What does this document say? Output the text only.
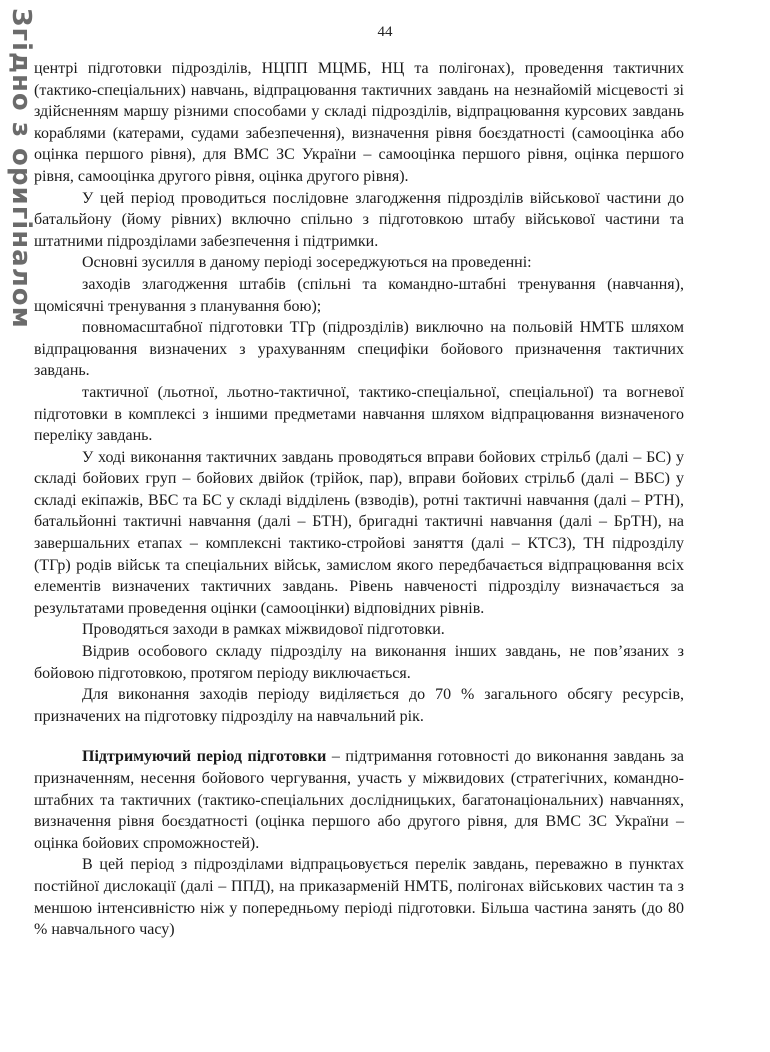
44
Згідно з оригіналом

центрі підготовки підрозділів, НЦПП МЦМБ, НЦ та полігонах), проведення тактичних (тактико-спеціальних) навчань, відпрацювання тактичних завдань на незнайомій місцевості зі здійсненням маршу різними способами у складі підрозділів, відпрацювання курсових завдань кораблями (катерами, судами забезпечення), визначення рівня боєздатності (самооцінка або оцінка першого рівня), для ВМС ЗС України – самооцінка першого рівня, оцінка першого рівня, самооцінка другого рівня, оцінка другого рівня).

У цей період проводиться послідовне злагодження підрозділів військової частини до батальйону (йому рівних) включно спільно з підготовкою штабу військової частини та штатними підрозділами забезпечення і підтримки.

Основні зусилля в даному періоді зосереджуються на проведенні:

заходів злагодження штабів (спільні та командно-штабні тренування (навчання), щомісячні тренування з планування бою);

повномасштабної підготовки ТГр (підрозділів) виключно на польовій НМТБ шляхом відпрацювання визначених з урахуванням специфіки бойового призначення тактичних завдань.

тактичної (льотної, льотно-тактичної, тактико-спеціальної, спеціальної) та вогневої підготовки в комплексі з іншими предметами навчання шляхом відпрацювання визначеного переліку завдань.

У ході виконання тактичних завдань проводяться вправи бойових стрільб (далі – БС) у складі бойових груп – бойових двійок (трійок, пар), вправи бойових стрільб (далі – ВБС) у складі екіпажів, ВБС та БС у складі відділень (взводів), ротні тактичні навчання (далі – РТН), батальйонні тактичні навчання (далі – БТН), бригадні тактичні навчання (далі – БрТН), на завершальних етапах – комплексні тактико-стройові заняття (далі – КТСЗ), ТН підрозділу (ТГр) родів військ та спеціальних військ, замислом якого передбачається відпрацювання всіх елементів визначених тактичних завдань. Рівень навченості підрозділу визначається за результатами проведення оцінки (самооцінки) відповідних рівнів.

Проводяться заходи в рамках міжвидової підготовки.

Відрив особового складу підрозділу на виконання інших завдань, не пов’язаних з бойовою підготовкою, протягом періоду виключається.

Для виконання заходів періоду виділяється до 70 % загального обсягу ресурсів, призначених на підготовку підрозділу на навчальний рік.

Підтримуючий період підготовки – підтримання готовності до виконання завдань за призначенням, несення бойового чергування, участь у міжвидових (стратегічних, командно-штабних та тактичних (тактико-спеціальних дослідницьких, багатонаціональних) навчаннях, визначення рівня боєздатності (оцінка першого або другого рівня, для ВМС ЗС України – оцінка бойових спроможностей).

В цей період з підрозділами відпрацьовується перелік завдань, переважно в пунктах постійної дислокації (далі – ППД), на приказарменій НМТБ, полігонах військових частин та з меншою інтенсивністю ніж у попередньому періоді підготовки. Більша частина занять (до 80 % навчального часу)
